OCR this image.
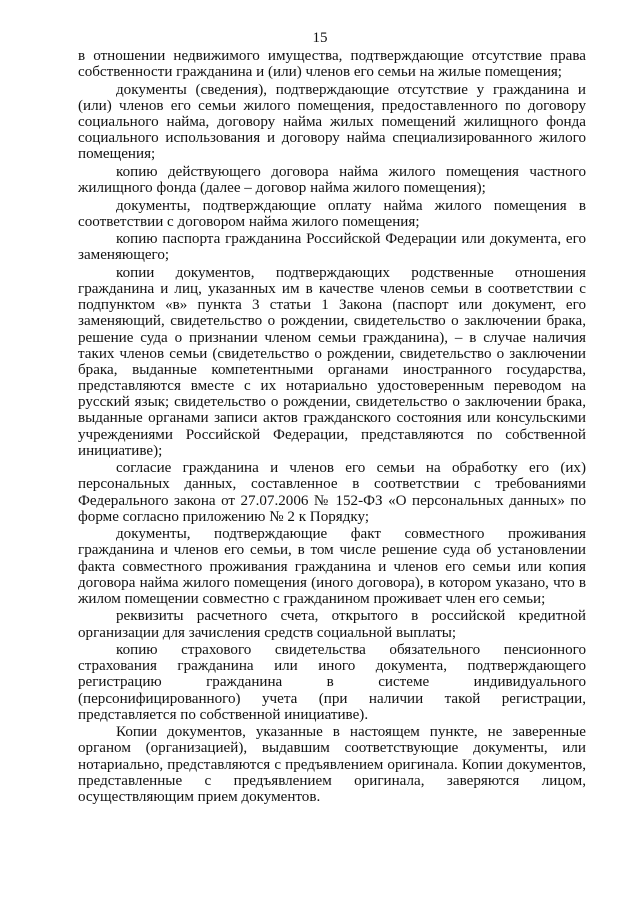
15

в отношении недвижимого имущества, подтверждающие отсутствие права собственности гражданина и (или) членов его семьи на жилые помещения;

документы (сведения), подтверждающие отсутствие у гражданина и (или) членов его семьи жилого помещения, предоставленного по договору социального найма, договору найма жилых помещений жилищного фонда социального использования и договору найма специализированного жилого помещения;

копию действующего договора найма жилого помещения частного жилищного фонда (далее – договор найма жилого помещения);

документы, подтверждающие оплату найма жилого помещения в соответствии с договором найма жилого помещения;

копию паспорта гражданина Российской Федерации или документа, его заменяющего;

копии документов, подтверждающих родственные отношения гражданина и лиц, указанных им в качестве членов семьи в соответствии с подпунктом «в» пункта 3 статьи 1 Закона (паспорт или документ, его заменяющий, свидетельство о рождении, свидетельство о заключении брака, решение суда о признании членом семьи гражданина), – в случае наличия таких членов семьи (свидетельство о рождении, свидетельство о заключении брака, выданные компетентными органами иностранного государства, представляются вместе с их нотариально удостоверенным переводом на русский язык; свидетельство о рождении, свидетельство о заключении брака, выданные органами записи актов гражданского состояния или консульскими учреждениями Российской Федерации, представляются по собственной инициативе);

согласие гражданина и членов его семьи на обработку его (их) персональных данных, составленное в соответствии с требованиями Федерального закона от 27.07.2006 № 152-ФЗ «О персональных данных» по форме согласно приложению № 2 к Порядку;

документы, подтверждающие факт совместного проживания гражданина и членов его семьи, в том числе решение суда об установлении факта совместного проживания гражданина и членов его семьи или копия договора найма жилого помещения (иного договора), в котором указано, что в жилом помещении совместно с гражданином проживает член его семьи;

реквизиты расчетного счета, открытого в российской кредитной организации для зачисления средств социальной выплаты;

копию страхового свидетельства обязательного пенсионного страхования гражданина или иного документа, подтверждающего регистрацию гражданина в системе индивидуального (персонифицированного) учета (при наличии такой регистрации, представляется по собственной инициативе).

Копии документов, указанные в настоящем пункте, не заверенные органом (организацией), выдавшим соответствующие документы, или нотариально, представляются с предъявлением оригинала. Копии документов, представленные с предъявлением оригинала, заверяются лицом, осуществляющим прием документов.
